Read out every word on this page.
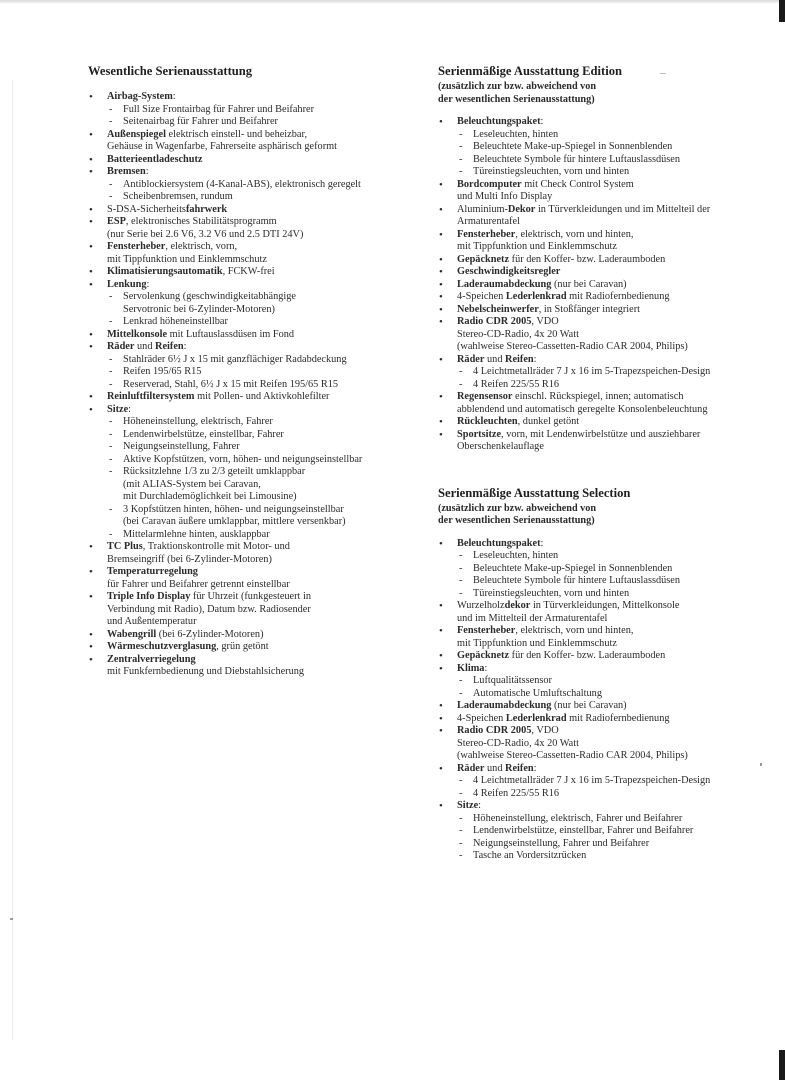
Wesentliche Serienausstattung
• Airbag-System:
- Full Size Frontairbag für Fahrer und Beifahrer
- Seitenairbag für Fahrer und Beifahrer
• Außenspiegel elektrisch einstell- und beheizbar,
Gehäuse in Wagenfarbe, Fahrerseite asphärisch geformt
• Batterieentladeschutz
• Bremsen:
- Antiblockiersystem (4-Kanal-ABS), elektronisch geregelt
- Scheibenbremsen, rundum
• S-DSA-Sicherheitsfahrwerk
• ESP, elektronisches Stabilitätsprogramm
(nur Serie bei 2.6 V6, 3.2 V6 und 2.5 DTI 24V)
• Fensterheber, elektrisch, vorn,
mit Tippfunktion und Einklemmschutz
• Klimatisierungsautomatik, FCKW-frei
• Lenkung:
- Servolenkung (geschwindigkeitabhängige
Servotronic bei 6-Zylinder-Motoren)
- Lenkrad höheneinstellbar
• Mittelkonsole mit Luftauslassdüsen im Fond
• Räder und Reifen:
- Stahlräder 6½ J x 15 mit ganzflächiger Radabdeckung
- Reifen 195/65 R15
- Reserverad, Stahl, 6½ J x 15 mit Reifen 195/65 R15
• Reinluftfiltersystem mit Pollen- und Aktivkohlefilter
• Sitze:
- Höheneinstellung, elektrisch, Fahrer
- Lendenwirbelstütze, einstellbar, Fahrer
- Neigungseinstellung, Fahrer
- Aktive Kopfstützen, vorn, höhen- und neigungseinstellbar
- Rücksitzlehne 1/3 zu 2/3 geteilt umklappbar
(mit ALIAS-System bei Caravan,
mit Durchlademöglichkeit bei Limousine)
- 3 Kopfstützen hinten, höhen- und neigungseinstellbar
(bei Caravan äußere umklappbar, mittlere versenkbar)
- Mittelarmlehne hinten, ausklappbar
• TC Plus, Traktionskontrolle mit Motor- und
Bremseingriff (bei 6-Zylinder-Motoren)
• Temperaturregelung
für Fahrer und Beifahrer getrennt einstellbar
• Triple Info Display für Uhrzeit (funkgesteuert in
Verbindung mit Radio), Datum bzw. Radiosender
und Außentemperatur
• Wabengrill (bei 6-Zylinder-Motoren)
• Wärmeschutzverglasung, grün getönt
• Zentralverriegelung
mit Funkfernbedienung und Diebstahlsicherung
Serienmäßige Ausstattung Edition
(zusätzlich zur bzw. abweichend von
der wesentlichen Serienausstattung)
• Beleuchtungspaket:
- Leseleuchten, hinten
- Beleuchtete Make-up-Spiegel in Sonnenblenden
- Beleuchtete Symbole für hintere Luftauslassdüsen
- Türeinstiegsleuchten, vorn und hinten
• Bordcomputer mit Check Control System
und Multi Info Display
• Aluminium-Dekor in Türverkleidungen und im Mittelteil der
Armaturentafel
• Fensterheber, elektrisch, vorn und hinten,
mit Tippfunktion und Einklemmschutz
• Gepäcknetz für den Koffer- bzw. Laderaumboden
• Geschwindigkeitsregler
• Laderaumabdeckung (nur bei Caravan)
• 4-Speichen Lederlenkrad mit Radiofernbedienung
• Nebelscheinwerfer, in Stoßfänger integriert
• Radio CDR 2005, VDO
Stereo-CD-Radio, 4x 20 Watt
(wahlweise Stereo-Cassetten-Radio CAR 2004, Philips)
• Räder und Reifen:
- 4 Leichtmetallräder 7 J x 16 im 5-Trapezspeichen-Design
- 4 Reifen 225/55 R16
• Regensensor einschl. Rückspiegel, innen; automatisch
abblendend und automatisch geregelte Konsolenbeleuchtung
• Rückleuchten, dunkel getönt
• Sportsitze, vorn, mit Lendenwirbelstütze und ausziehbarer
Oberschenkelauflage
Serienmäßige Ausstattung Selection
(zusätzlich zur bzw. abweichend von
der wesentlichen Serienausstattung)
• Beleuchtungspaket:
- Leseleuchten, hinten
- Beleuchtete Make-up-Spiegel in Sonnenblenden
- Beleuchtete Symbole für hintere Luftauslassdüsen
- Türeinstiegsleuchten, vorn und hinten
• Wurzelholzdekor in Türverkleidungen, Mittelkonsole
und im Mittelteil der Armaturentafel
• Fensterheber, elektrisch, vorn und hinten,
mit Tippfunktion und Einklemmschutz
• Gepäcknetz für den Koffer- bzw. Laderaumboden
• Klima:
- Luftqualitätssensor
- Automatische Umluftschaltung
• Laderaumabdeckung (nur bei Caravan)
• 4-Speichen Lederlenkrad mit Radiofernbedienung
• Radio CDR 2005, VDO
Stereo-CD-Radio, 4x 20 Watt
(wahlweise Stereo-Cassetten-Radio CAR 2004, Philips)
• Räder und Reifen:
- 4 Leichtmetallräder 7 J x 16 im 5-Trapezspeichen-Design
- 4 Reifen 225/55 R16
• Sitze:
- Höheneinstellung, elektrisch, Fahrer und Beifahrer
- Lendenwirbelstütze, einstellbar, Fahrer und Beifahrer
- Neigungseinstellung, Fahrer und Beifahrer
- Tasche an Vordersitzrücken
